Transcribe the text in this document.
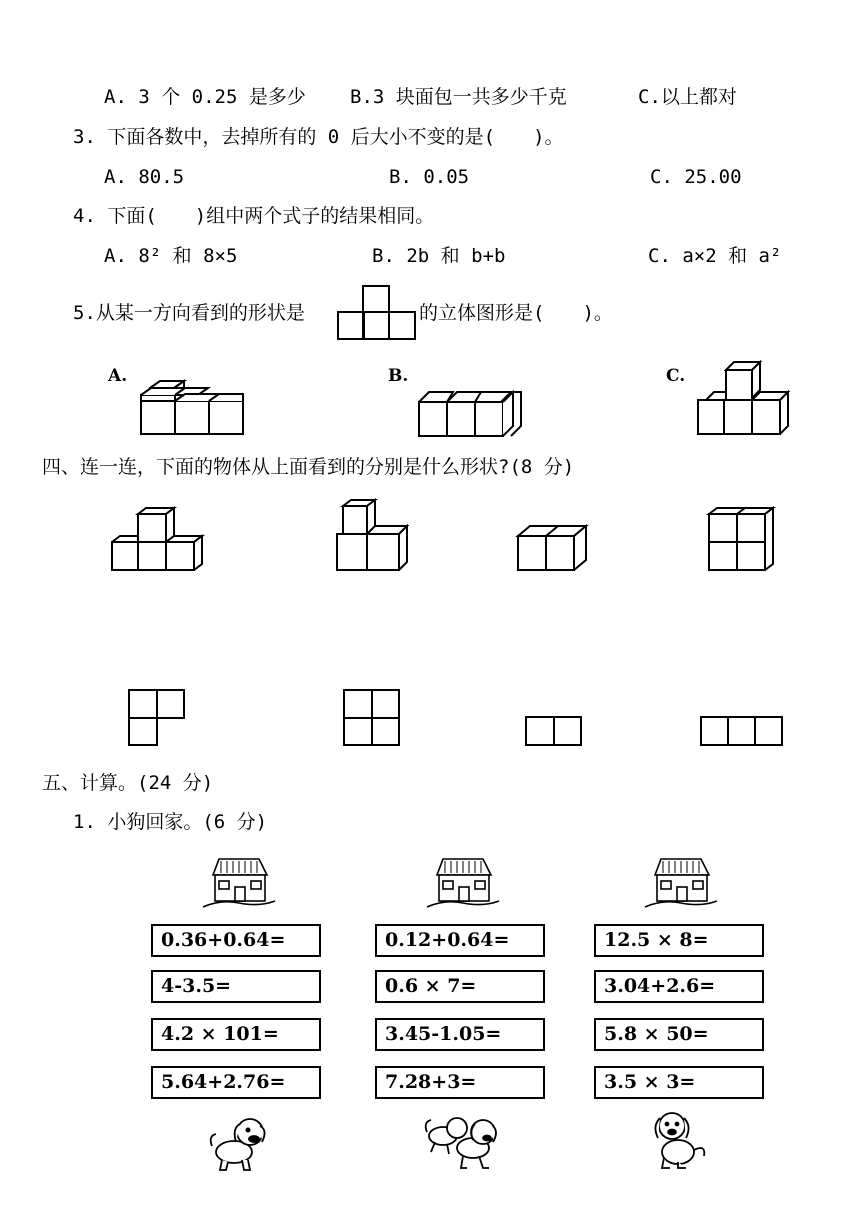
A. 3 个 0.25 是多少 B.3 块面包一共多少千克	C.以上都对
3. 下面各数中，去掉所有的 0 后大小不变的是(　　)。
A. 80.5	B. 0.05	C. 25.00
4. 下面(　　)组中两个式子的结果相同。
A. 8² 和 8×5	B. 2b 和 b+b	C. a×2 和 a²
5.从某一方向看到的形状是	的立体图形是(　　)。
A.	B.	C.
四、连一连，下面的物体从上面看到的分别是什么形状?(8 分)
五、计算。(24 分)
1. 小狗回家。(6 分)
0.36+0.64=
4-3.5=
4.2 × 101=
5.64+2.76=
0.12+0.64=
0.6 × 7=
3.45-1.05=
7.28+3=
12.5 × 8=
3.04+2.6=
5.8 × 50=
3.5 × 3=
